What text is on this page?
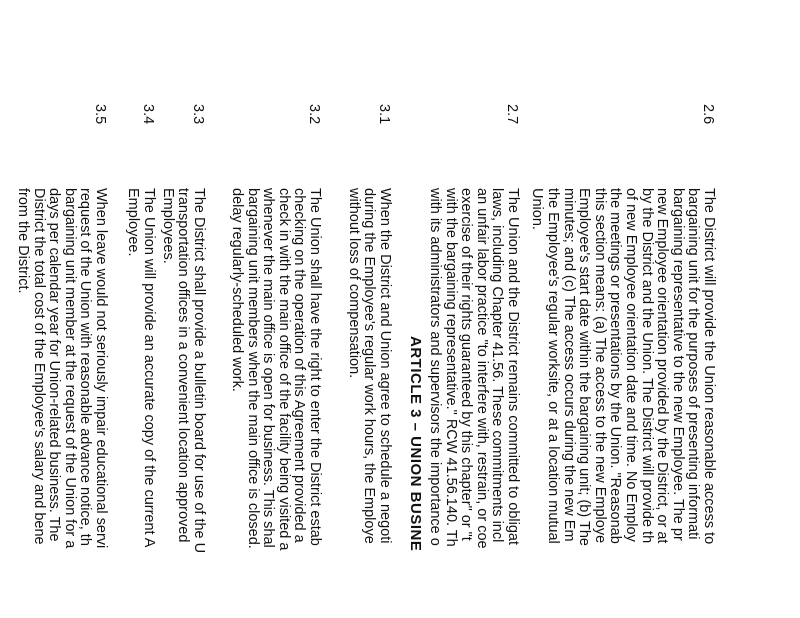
2.6
The District will provide the Union reasonable access to
bargaining unit for the purposes of presenting informati
bargaining representative to the new Employee. The pr
new Employee orientation provided by the District, or at
by the District and the Union. The District will provide th
of new Employee orientation date and time. No Employ
the meetings or presentations by the Union. "Reasonab
this section means: (a) The access to the new Employe
Employee's start date within the bargaining unit; (b) The
minutes; and (c) The access occurs during the new Em
the Employee's regular worksite, or at a location mutual
Union.
2.7
The Union and the District remains committed to obligat
laws, including Chapter 41.56. These commitments incl
an unfair labor practice "to interfere with, restrain, or coe
exercise of their rights guaranteed by this chapter" or "t
with the bargaining representative." RCW 41.56.140. Th
with its administrators and supervisors the importance o
ARTICLE 3 – UNION BUSINE
3.1
When the District and Union agree to schedule a negoti
during the Employee's regular work hours, the Employe
without loss of compensation.
3.2
The Union shall have the right to enter the District estab
checking on the operation of this Agreement provided a
check in with the main office of the facility being visited a
whenever the main office is open for business. This shal
bargaining unit members when the main office is closed.
delay regularly-scheduled work.
3.3
The District shall provide a bulletin board for use of the U
transportation offices in a convenient location approved
Employees.
3.4
The Union will provide an accurate copy of the current A
Employee.
3.5
When leave would not seriously impair educational servi
request of the Union with reasonable advance notice, th
bargaining unit member at the request of the Union for a
days per calendar year for Union-related business. The
District the total cost of the Employee's salary and bene
from the District.
